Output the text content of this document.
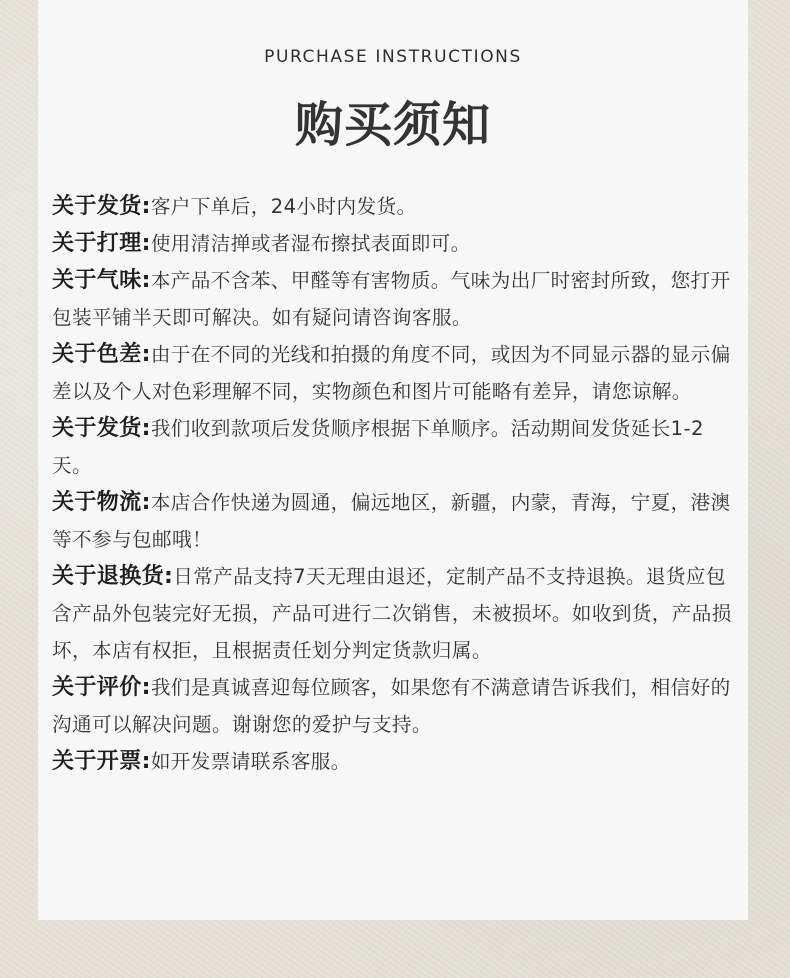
PURCHASE INSTRUCTIONS
购买须知
关于发货:客户下单后，24小时内发货。
关于打理:使用清洁掸或者湿布擦拭表面即可。
关于气味:本产品不含苯、甲醛等有害物质。气味为出厂时密封所致，您打开包装平铺半天即可解决。如有疑问请咨询客服。
关于色差:由于在不同的光线和拍摄的角度不同，或因为不同显示器的显示偏差以及个人对色彩理解不同，实物颜色和图片可能略有差异，请您谅解。
关于发货:我们收到款项后发货顺序根据下单顺序。活动期间发货延长1-2天。
关于物流:本店合作快递为圆通，偏远地区，新疆，内蒙，青海，宁夏，港澳等不参与包邮哦！
关于退换货:日常产品支持7天无理由退还，定制产品不支持退换。退货应包含产品外包装完好无损，产品可进行二次销售，未被损坏。如收到货，产品损坏，本店有权拒，且根据责任划分判定货款归属。
关于评价:我们是真诚喜迎每位顾客，如果您有不满意请告诉我们，相信好的沟通可以解决问题。谢谢您的爱护与支持。
关于开票:如开发票请联系客服。
